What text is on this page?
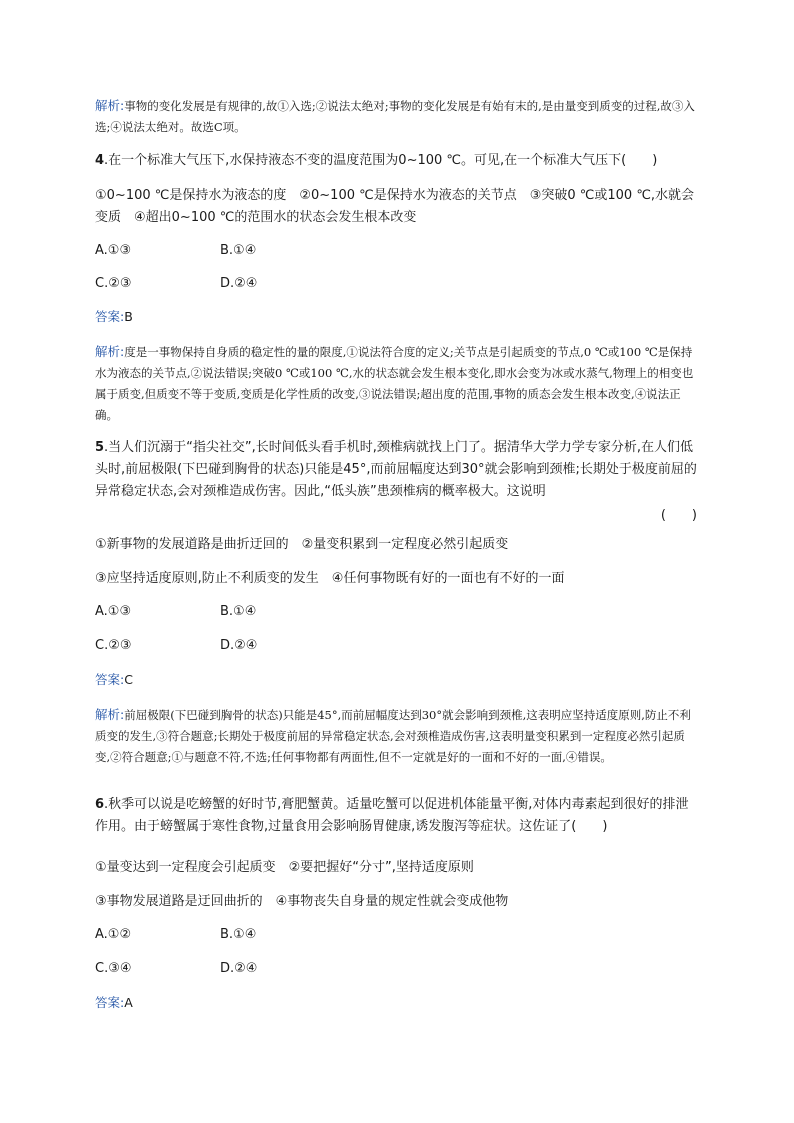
解析:事物的变化发展是有规律的,故①入选;②说法太绝对;事物的变化发展是有始有末的,是由量变到质变的过程,故③入选;④说法太绝对。故选C项。

4.在一个标准大气压下,水保持液态不变的温度范围为0~100 ℃。可见,在一个标准大气压下(　　)

①0~100 ℃是保持水为液态的度　②0~100 ℃是保持水为液态的关节点　③突破0 ℃或100 ℃,水就会变质　④超出0~100 ℃的范围水的状态会发生根本改变

A.①③	B.①④
C.②③	D.②④

答案:B

解析:度是一事物保持自身质的稳定性的量的限度,①说法符合度的定义;关节点是引起质变的节点,0 ℃或100 ℃是保持水为液态的关节点,②说法错误;突破0 ℃或100 ℃,水的状态就会发生根本变化,即水会变为冰或水蒸气,物理上的相变也属于质变,但质变不等于变质,变质是化学性质的改变,③说法错误;超出度的范围,事物的质态会发生根本改变,④说法正确。

5.当人们沉溺于“指尖社交”,长时间低头看手机时,颈椎病就找上门了。据清华大学力学专家分析,在人们低头时,前屈极限(下巴碰到胸骨的状态)只能是45°,而前屈幅度达到30°就会影响到颈椎;长期处于极度前屈的异常稳定状态,会对颈椎造成伤害。因此,“低头族”患颈椎病的概率极大。这说明

(　　)

①新事物的发展道路是曲折迂回的　②量变积累到一定程度必然引起质变

③应坚持适度原则,防止不利质变的发生　④任何事物既有好的一面也有不好的一面

A.①③	B.①④
C.②③	D.②④

答案:C

解析:前屈极限(下巴碰到胸骨的状态)只能是45°,而前屈幅度达到30°就会影响到颈椎,这表明应坚持适度原则,防止不利质变的发生,③符合题意;长期处于极度前屈的异常稳定状态,会对颈椎造成伤害,这表明量变积累到一定程度必然引起质变,②符合题意;①与题意不符,不选;任何事物都有两面性,但不一定就是好的一面和不好的一面,④错误。

6.秋季可以说是吃螃蟹的好时节,膏肥蟹黄。适量吃蟹可以促进机体能量平衡,对体内毒素起到很好的排泄作用。由于螃蟹属于寒性食物,过量食用会影响肠胃健康,诱发腹泻等症状。这佐证了(　　)

①量变达到一定程度会引起质变　②要把握好“分寸”,坚持适度原则

③事物发展道路是迂回曲折的　④事物丧失自身量的规定性就会变成他物

A.①②	B.①④
C.③④	D.②④

答案:A
